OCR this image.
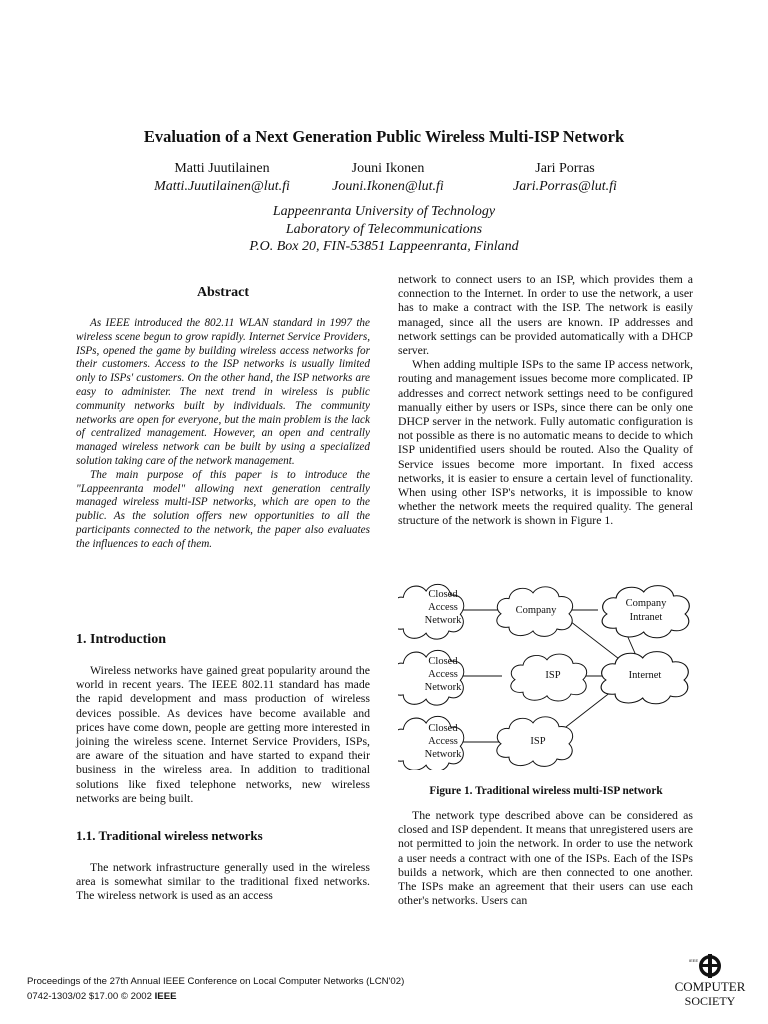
Evaluation of a Next Generation Public Wireless Multi-ISP Network
Matti Juutilainen
Matti.Juutilainen@lut.fi
Jouni Ikonen
Jouni.Ikonen@lut.fi
Jari Porras
Jari.Porras@lut.fi
Lappeenranta University of Technology
Laboratory of Telecommunications
P.O. Box 20, FIN-53851 Lappeenranta, Finland
Abstract

As IEEE introduced the 802.11 WLAN standard in 1997 the wireless scene begun to grow rapidly. Internet Service Providers, ISPs, opened the game by building wireless access networks for their customers. Access to the ISP networks is usually limited only to ISPs' customers. On the other hand, the ISP networks are easy to administer. The next trend in wireless is public community networks built by individuals. The community networks are open for everyone, but the main problem is the lack of centralized management. However, an open and centrally managed wireless network can be built by using a specialized solution taking care of the network management.

The main purpose of this paper is to introduce the "Lappeenranta model" allowing next generation centrally managed wireless multi-ISP networks, which are open to the public. As the solution offers new opportunities to all the participants connected to the network, the paper also evaluates the influences to each of them.

1. Introduction

Wireless networks have gained great popularity around the world in recent years. The IEEE 802.11 standard has made the rapid development and mass production of wireless devices possible. As devices have become available and prices have come down, people are getting more interested in joining the wireless scene. Internet Service Providers, ISPs, are aware of the situation and have started to expand their business in the wireless area. In addition to traditional solutions like fixed telephone networks, new wireless networks are being built.

1.1. Traditional wireless networks

The network infrastructure generally used in the wireless area is somewhat similar to the traditional fixed networks. The wireless network is used as an access

network to connect users to an ISP, which provides them a connection to the Internet. In order to use the network, a user has to make a contract with the ISP. The network is easily managed, since all the users are known. IP addresses and network settings can be provided automatically with a DHCP server.

When adding multiple ISPs to the same IP access network, routing and management issues become more complicated. IP addresses and correct network settings need to be configured manually either by users or ISPs, since there can be only one DHCP server in the network. Fully automatic configuration is not possible as there is no automatic means to decide to which ISP unidentified users should be routed. Also the Quality of Service issues become more important. In fixed access networks, it is easier to ensure a certain level of functionality. When using other ISP's networks, it is impossible to know whether the network meets the required quality. The general structure of the network is shown in Figure 1.

Closed
Access
Network
Company
Company
Intranet
Closed
Access
Network
ISP	Internet
Closed
Access
Network
ISP
Figure 1. Traditional wireless multi-ISP network

The network type described above can be considered as closed and ISP dependent. It means that unregistered users are not permitted to join the network. In order to use the network a user needs a contract with one of the ISPs. Each of the ISPs builds a network, which are then connected to one another. The ISPs make an agreement that their users can use each other's networks. Users can

Proceedings of the 27th Annual IEEE Conference on Local Computer Networks (LCN'02)
0742-1303/02 $17.00 © 2002 IEEE
IEEE
COMPUTER
SOCIETY
